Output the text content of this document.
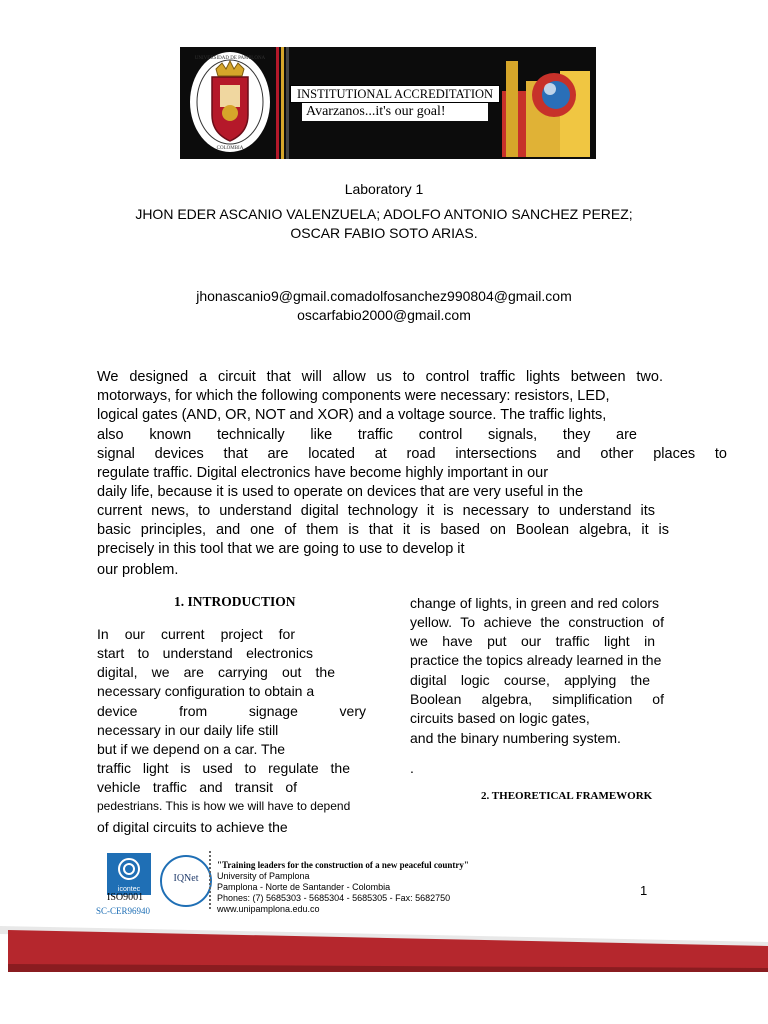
UNIVERSIDAD DE PAMPLONA
COLOMBIA
INSTITUTIONAL ACCREDITATION
Avarzanos...it's our goal!
Laboratory 1
JHON EDER ASCANIO VALENZUELA; ADOLFO ANTONIO SANCHEZ PEREZ;
OSCAR FABIO SOTO ARIAS.
jhonascanio9@gmail.comadolfosanchez990804@gmail.com
oscarfabio2000@gmail.com
We designed a circuit that will allow us to control traffic lights between two.
motorways, for which the following components were necessary: resistors, LED,
logical gates (AND, OR, NOT and XOR) and a voltage source. The traffic lights,
also known technically like traffic control signals, they are
signal devices that are located at road intersections and other places to
regulate traffic. Digital electronics have become highly important in our
daily life, because it is used to operate on devices that are very useful in the
current news, to understand digital technology it is necessary to understand its
basic principles, and one of them is that it is based on Boolean algebra, it is
precisely in this tool that we are going to use to develop it
our problem.
1. INTRODUCTION
In our current project for
start to understand electronics
digital, we are carrying out the
necessary configuration to obtain a
device from signage very
necessary in our daily life still
but if we depend on a car. The
traffic light is used to regulate the
vehicle traffic and transit of
pedestrians. This is how we will have to depend
of digital circuits to achieve the
change of lights, in green and red colors
yellow. To achieve the construction of
we have put our traffic light in
practice the topics already learned in the
digital logic course, applying the
Boolean algebra, simplification of
circuits based on logic gates,
and the binary numbering system.
.
2. THEORETICAL FRAMEWORK
icontec
ISO9001
IQNet
SC-CER96940
"Training leaders for the construction of a new peaceful country"
University of Pamplona
Pamplona - Norte de Santander - Colombia
Phones: (7) 5685303 - 5685304 - 5685305 - Fax: 5682750
www.unipamplona.edu.co
1
